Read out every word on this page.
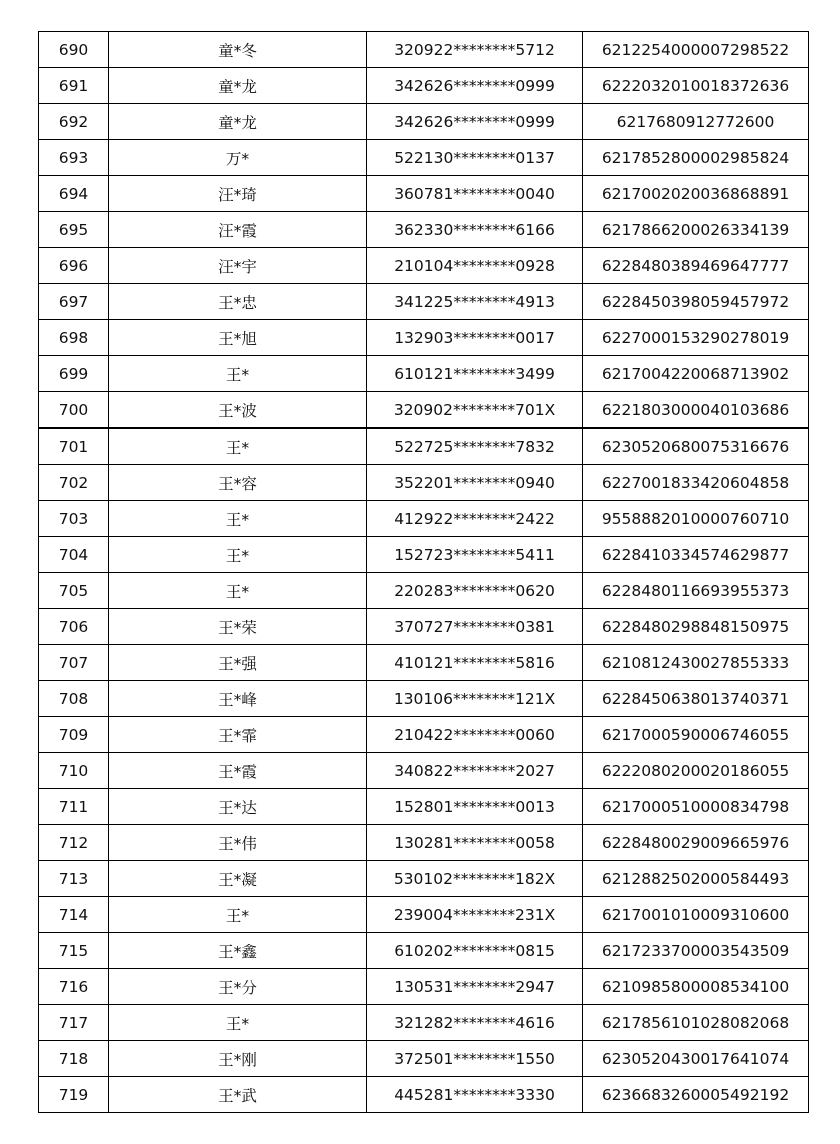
690	童*冬	320922********5712	6212254000007298522
691	童*龙	342626********0999	6222032010018372636
692	童*龙	342626********0999	6217680912772600
693	万*	522130********0137	6217852800002985824
694	汪*琦	360781********0040	6217002020036868891
695	汪*霞	362330********6166	6217866200026334139
696	汪*宇	210104********0928	6228480389469647777
697	王*忠	341225********4913	6228450398059457972
698	王*旭	132903********0017	6227000153290278019
699	王*	610121********3499	6217004220068713902
700	王*波	320902********701X	6221803000040103686
701	王*	522725********7832	6230520680075316676
702	王*容	352201********0940	6227001833420604858
703	王*	412922********2422	9558882010000760710
704	王*	152723********5411	6228410334574629877
705	王*	220283********0620	6228480116693955373
706	王*荣	370727********0381	6228480298848150975
707	王*强	410121********5816	6210812430027855333
708	王*峰	130106********121X	6228450638013740371
709	王*霏	210422********0060	6217000590006746055
710	王*霞	340822********2027	6222080200020186055
711	王*达	152801********0013	6217000510000834798
712	王*伟	130281********0058	6228480029009665976
713	王*凝	530102********182X	6212882502000584493
714	王*	239004********231X	6217001010009310600
715	王*鑫	610202********0815	6217233700003543509
716	王*分	130531********2947	6210985800008534100
717	王*	321282********4616	6217856101028082068
718	王*刚	372501********1550	6230520430017641074
719	王*武	445281********3330	6236683260005492192
